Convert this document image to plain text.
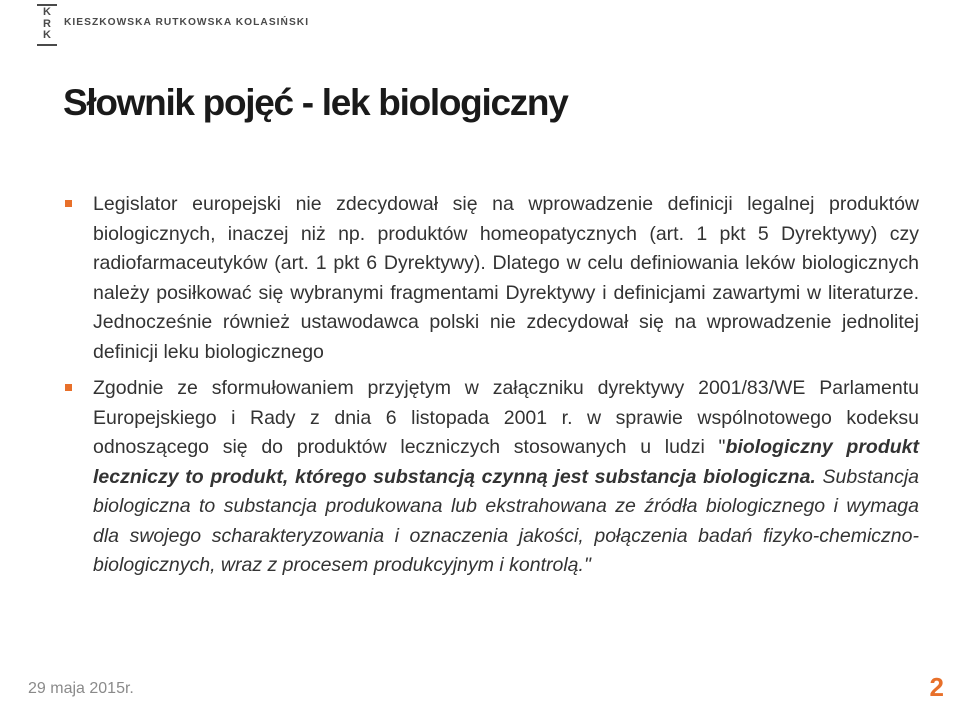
K
R
K
KIESZKOWSKA RUTKOWSKA KOLASIŃSKI
Słownik pojęć - lek biologiczny
Legislator europejski nie zdecydował się na wprowadzenie definicji legalnej produktów biologicznych, inaczej niż np. produktów homeopatycznych (art. 1 pkt 5 Dyrektywy) czy radiofarmaceutyków (art. 1 pkt 6 Dyrektywy). Dlatego w celu definiowania leków biologicznych należy posiłkować się wybranymi fragmentami Dyrektywy i definicjami zawartymi w literaturze. Jednocześnie również ustawodawca polski nie zdecydował się na wprowadzenie jednolitej definicji leku biologicznego
Zgodnie ze sformułowaniem przyjętym w załączniku dyrektywy 2001/83/WE Parlamentu Europejskiego i Rady z dnia 6 listopada 2001 r. w sprawie wspólnotowego kodeksu odnoszącego się do produktów leczniczych stosowanych u ludzi "biologiczny produkt leczniczy to produkt, którego substancją czynną jest substancja biologiczna. Substancja biologiczna to substancja produkowana lub ekstrahowana ze źródła biologicznego i wymaga dla swojego scharakteryzowania i oznaczenia jakości, połączenia badań fizyko-chemiczno-biologicznych, wraz z procesem produkcyjnym i kontrolą."
29 maja 2015r.	2
